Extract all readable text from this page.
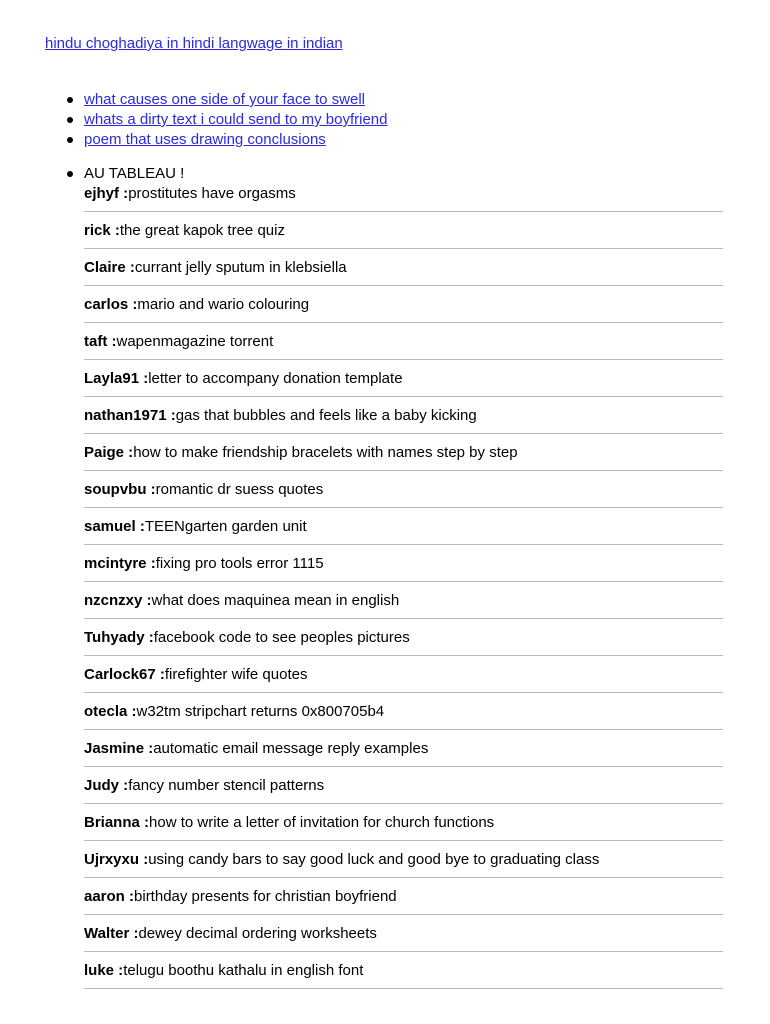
hindu choghadiya in hindi langwage in indian
what causes one side of your face to swell
whats a dirty text i could send to my boyfriend
poem that uses drawing conclusions
AU TABLEAU !
ejhyf :prostitutes have orgasms
rick :the great kapok tree quiz
Claire :currant jelly sputum in klebsiella
carlos :mario and wario colouring
taft :wapenmagazine torrent
Layla91 :letter to accompany donation template
nathan1971 :gas that bubbles and feels like a baby kicking
Paige :how to make friendship bracelets with names step by step
soupvbu :romantic dr suess quotes
samuel :TEENgarten garden unit
mcintyre :fixing pro tools error 1115
nzcnzxy :what does maquinea mean in english
Tuhyady :facebook code to see peoples pictures
Carlock67 :firefighter wife quotes
otecla :w32tm stripchart returns 0x800705b4
Jasmine :automatic email message reply examples
Judy :fancy number stencil patterns
Brianna :how to write a letter of invitation for church functions
Ujrxyxu :using candy bars to say good luck and good bye to graduating class
aaron :birthday presents for christian boyfriend
Walter :dewey decimal ordering worksheets
luke :telugu boothu kathalu in english font
